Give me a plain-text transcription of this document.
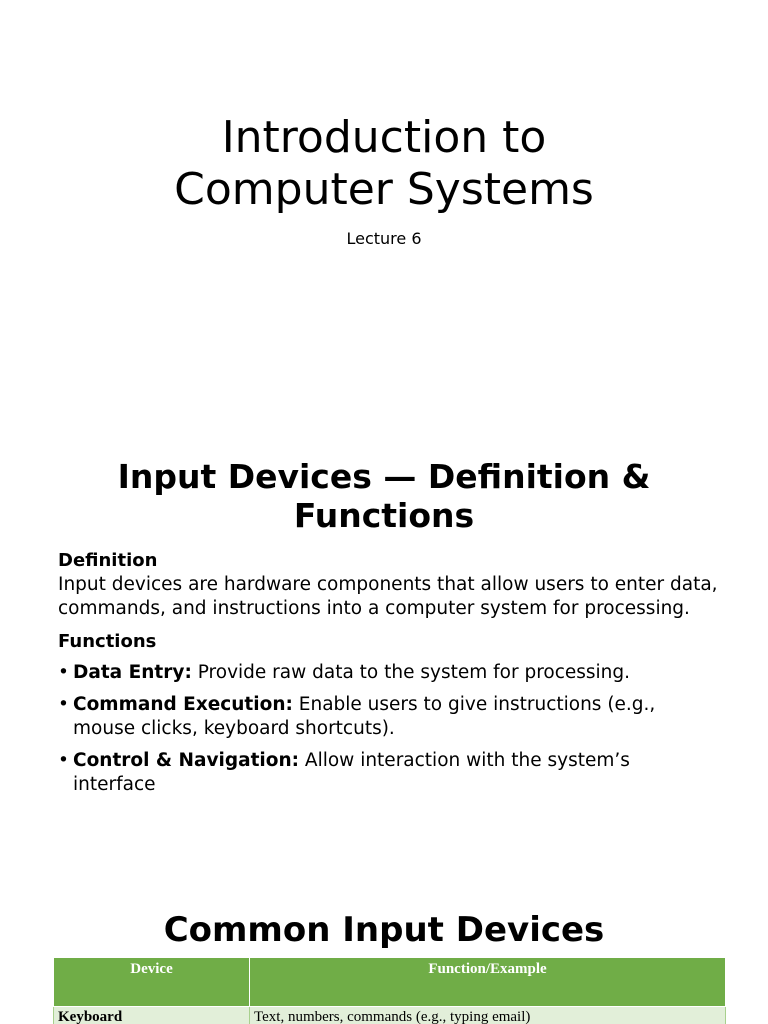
Introduction to
Computer Systems

Lecture 6

Input Devices — Definition &
Functions

Definition

Input devices are hardware components that allow users to enter data, commands, and instructions into a computer system for processing.

Functions

• Data Entry: Provide raw data to the system for processing.
• Command Execution: Enable users to give instructions (e.g., mouse clicks, keyboard shortcuts).
• Control & Navigation: Allow interaction with the system’s interface
Common Input Devices
Device	Function/Example
Keyboard	Text, numbers, commands (e.g., typing email)
